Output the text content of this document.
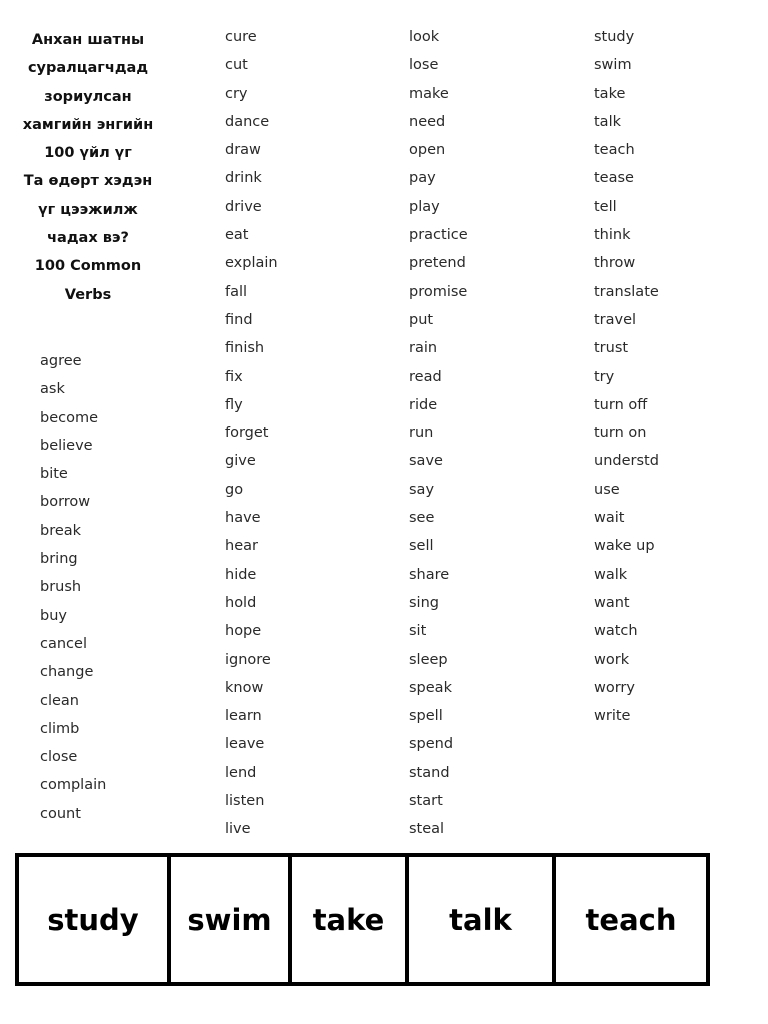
Анхан шатны
суралцагчдад
зориулсан
хамгийн энгийн
100 үйл үг
Та өдөрт хэдэн
үг цээжилж
чадах вэ?
100 Common
Verbs
agree
ask
become
believe
bite
borrow
break
bring
brush
buy
cancel
change
clean
climb
close
complain
count
cure
cut
cry
dance
draw
drink
drive
eat
explain
fall
find
finish
fix
fly
forget
give
go
have
hear
hide
hold
hope
ignore
know
learn
leave
lend
listen
live
look
lose
make
need
open
pay
play
practice
pretend
promise
put
rain
read
ride
run
save
say
see
sell
share
sing
sit
sleep
speak
spell
spend
stand
start
steal
study
swim
take
talk
teach
tease
tell
think
throw
translate
travel
trust
try
turn off
turn on
understd
use
wait
wake up
walk
want
watch
work
worry
write
study	swim	take	talk	teach
